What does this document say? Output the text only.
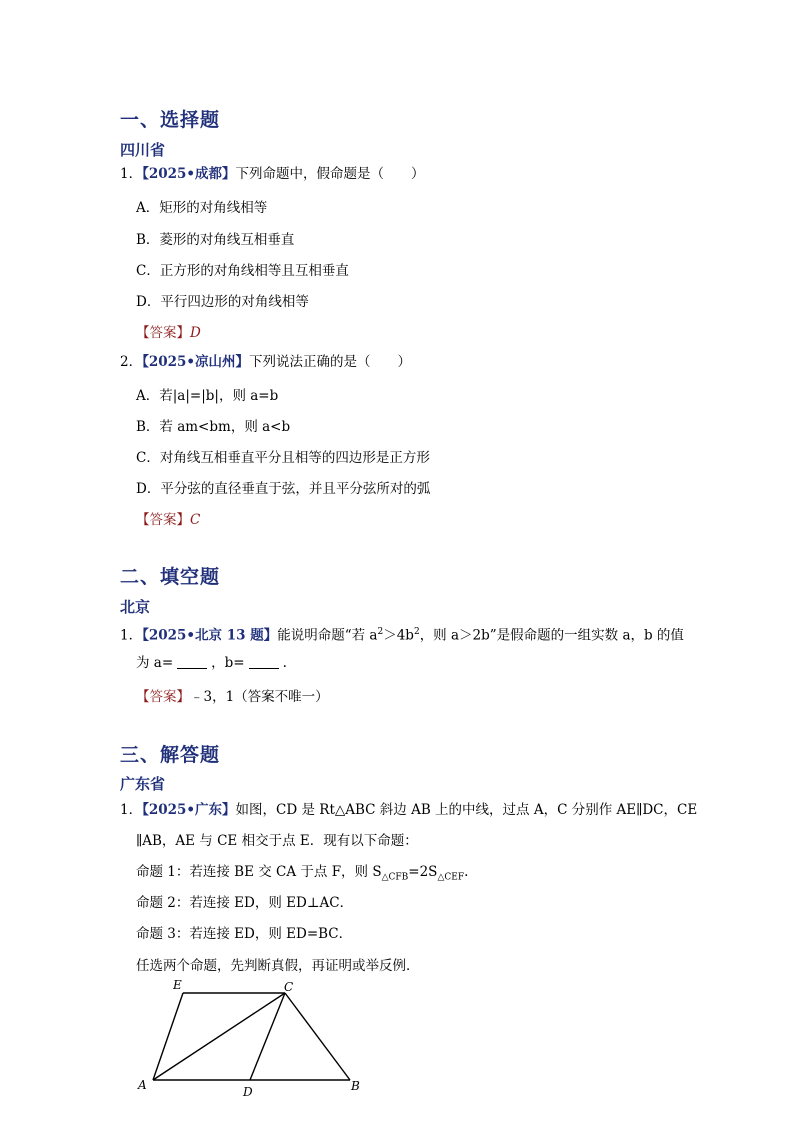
一、选择题
四川省
1．【2025•成都】下列命题中，假命题是（　　）
A．矩形的对角线相等
B．菱形的对角线互相垂直
C．正方形的对角线相等且互相垂直
D．平行四边形的对角线相等
【答案】D
2．【2025•凉山州】下列说法正确的是（　　）
A．若|a|=|b|，则 a=b
B．若 am<bm，则 a<b
C．对角线互相垂直平分且相等的四边形是正方形
D．平分弦的直径垂直于弦，并且平分弦所对的弧
【答案】C
二、填空题
北京
1．【2025•北京 13 题】能说明命题“若 $a^2>4b^2$，则 a＞2b”是假命题的一组实数 a，b 的值
为 a=	，b=	.
【答案】﹣3，1（答案不唯一）
三、解答题
广东省
1．【2025•广东】如图，CD 是 Rt△ABC 斜边 AB 上的中线，过点 A，C 分别作 AE∥DC，CE
∥AB，AE 与 CE 相交于点 E．现有以下命题：
命题 1：若连接 BE 交 CA 于点 F，则 $S_{\triangle CFB}=2S_{\triangle CEF}$.
命题 2：若连接 ED，则 ED⊥AC．
命题 3：若连接 ED，则 ED=BC．
任选两个命题，先判断真假，再证明或举反例．
E	C
A	D	B
